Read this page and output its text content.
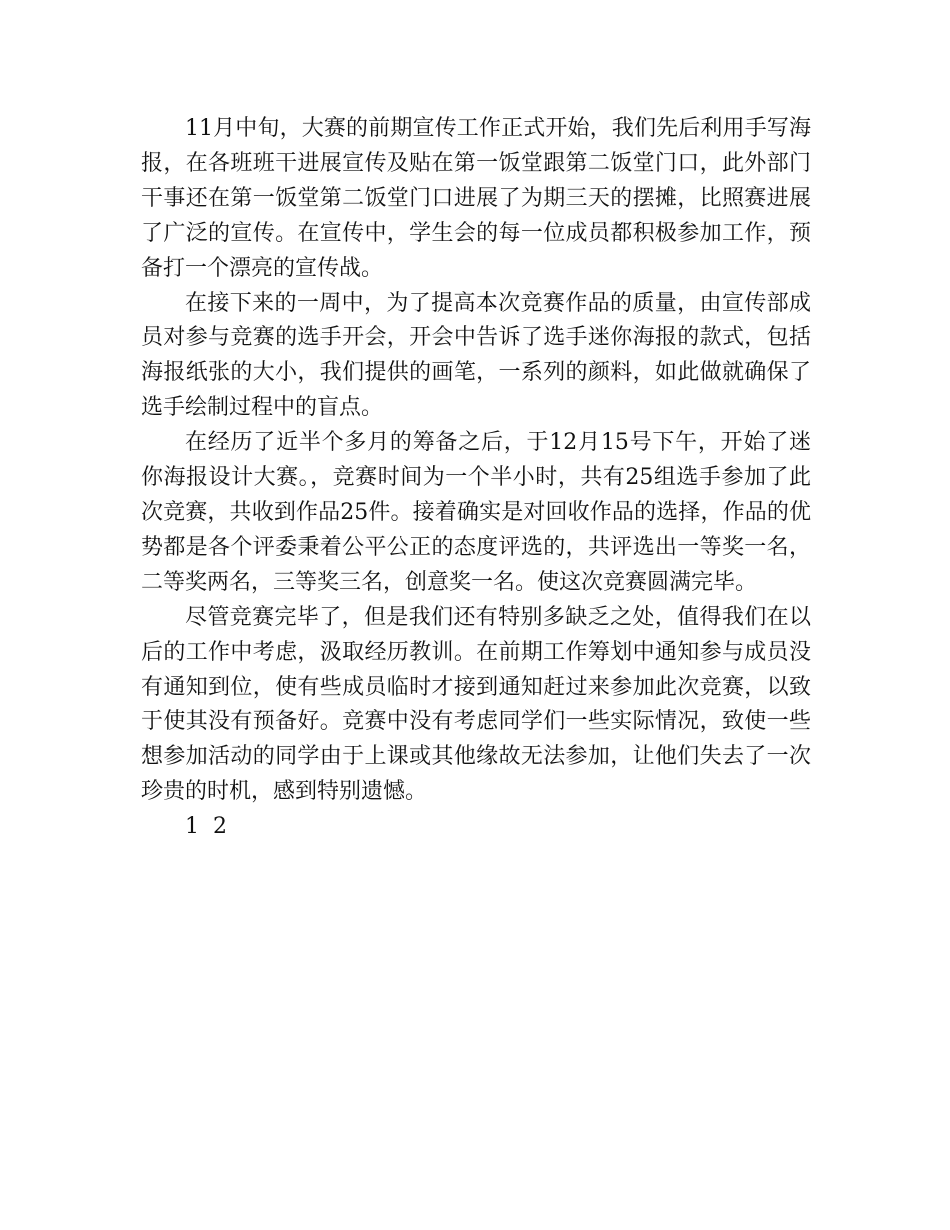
11月中旬，大赛的前期宣传工作正式开始，我们先后利用手写海报，在各班班干进展宣传及贴在第一饭堂跟第二饭堂门口，此外部门干事还在第一饭堂第二饭堂门口进展了为期三天的摆摊，比照赛进展了广泛的宣传。在宣传中，学生会的每一位成员都积极参加工作，预备打一个漂亮的宣传战。

在接下来的一周中，为了提高本次竞赛作品的质量，由宣传部成员对参与竞赛的选手开会，开会中告诉了选手迷你海报的款式，包括海报纸张的大小，我们提供的画笔，一系列的颜料，如此做就确保了选手绘制过程中的盲点。

在经历了近半个多月的筹备之后，于12月15号下午，开始了迷你海报设计大赛。，竞赛时间为一个半小时，共有25组选手参加了此次竞赛，共收到作品25件。接着确实是对回收作品的选择，作品的优势都是各个评委秉着公平公正的态度评选的，共评选出一等奖一名，二等奖两名，三等奖三名，创意奖一名。使这次竞赛圆满完毕。

尽管竞赛完毕了，但是我们还有特别多缺乏之处，值得我们在以后的工作中考虑，汲取经历教训。在前期工作筹划中通知参与成员没有通知到位，使有些成员临时才接到通知赶过来参加此次竞赛，以致于使其没有预备好。竞赛中没有考虑同学们一些实际情况，致使一些想参加活动的同学由于上课或其他缘故无法参加，让他们失去了一次珍贵的时机，感到特别遗憾。

1  2
